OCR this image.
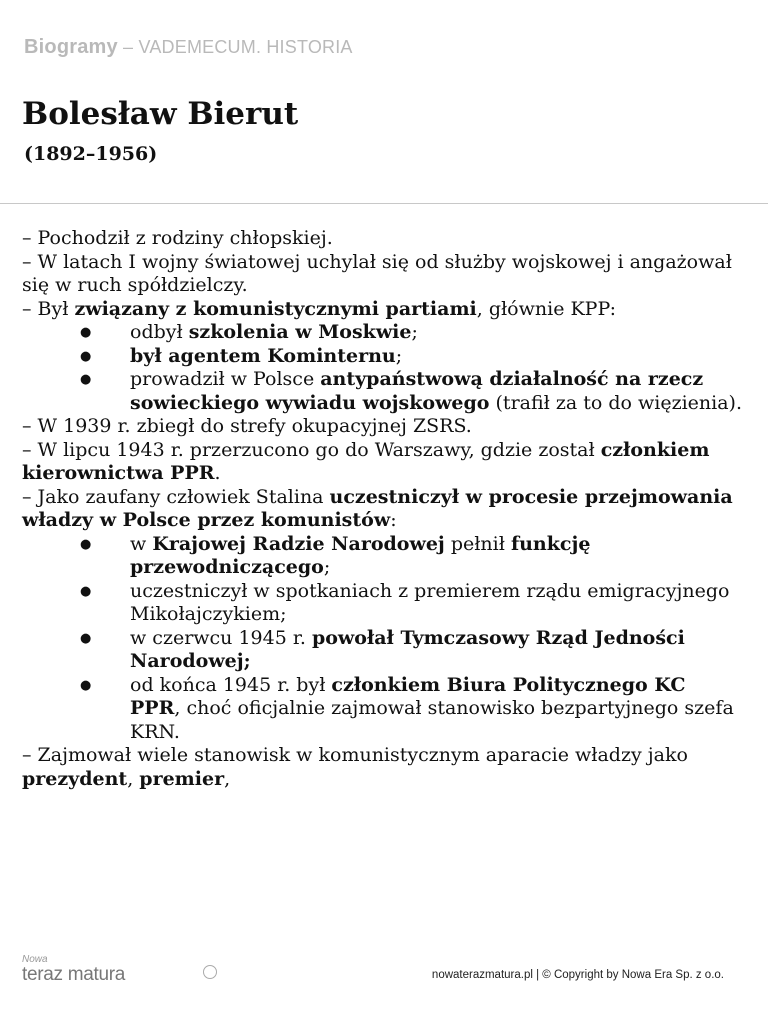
Biogramy – VADEMECUM. HISTORIA
Bolesław Bierut
(1892–1956)

– Pochodził z rodziny chłopskiej.

– W latach I wojny światowej uchylał się od służby wojskowej i angażował się w ruch spółdzielczy.

– Był związany z komunistycznymi partiami, głównie KPP:

● odbył szkolenia w Moskwie;
● był agentem Kominternu;
● prowadził w Polsce antypaństwową działalność na rzecz sowieckiego wywiadu wojskowego (trafił za to do więzienia).

– W 1939 r. zbiegł do strefy okupacyjnej ZSRS.

– W lipcu 1943 r. przerzucono go do Warszawy, gdzie został członkiem kierownictwa PPR.

– Jako zaufany człowiek Stalina uczestniczył w procesie przejmowania władzy w Polsce przez komunistów:

● w Krajowej Radzie Narodowej pełnił funkcję przewodniczącego;
● uczestniczył w spotkaniach z premierem rządu emigracyjnego Mikołajczykiem;
● w czerwcu 1945 r. powołał Tymczasowy Rząd Jedności Narodowej;
● od końca 1945 r. był członkiem Biura Politycznego KC PPR, choć oficjalnie zajmował stanowisko bezpartyjnego szefa KRN.

– Zajmował wiele stanowisk w komunistycznym aparacie władzy jako prezydent, premier,

Nowa
teraz matura	nowaterazmatura.pl | © Copyright by Nowa Era Sp. z o.o.
